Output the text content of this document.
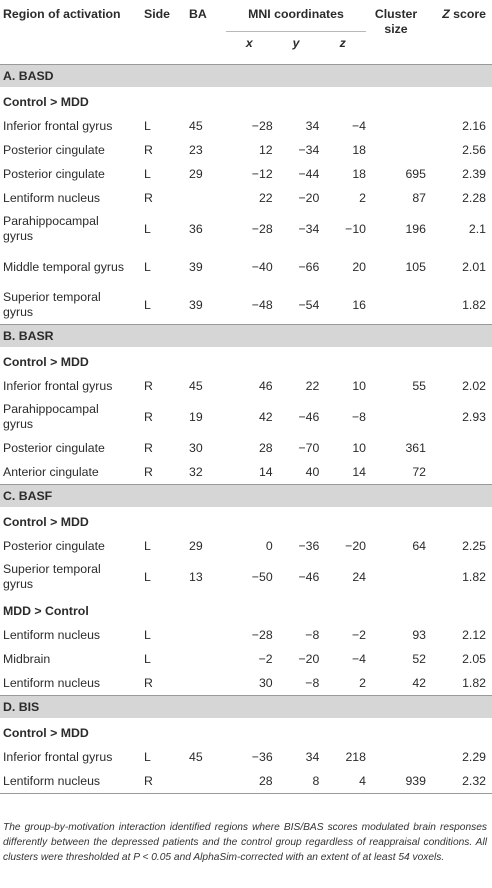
Region of activation	Side	BA	MNI coordinates			Cluster size	Z score
			x	y	z		
A. BASD							
Control > MDD							
Inferior frontal gyrus	L	45	−28	34	−4		2.16
Posterior cingulate	R	23	12	−34	18		2.56
Posterior cingulate	L	29	−12	−44	18	695	2.39
Lentiform nucleus	R		22	−20	2	87	2.28
Parahippocampal gyrus	L	36	−28	−34	−10	196	2.1
Middle temporal gyrus	L	39	−40	−66	20	105	2.01
Superior temporal gyrus	L	39	−48	−54	16		1.82
B. BASR							
Control > MDD							
Inferior frontal gyrus	R	45	46	22	10	55	2.02
Parahippocampal gyrus	R	19	42	−46	−8		2.93
Posterior cingulate	R	30	28	−70	10	361	
Anterior cingulate	R	32	14	40	14	72	
C. BASF							
Control > MDD							
Posterior cingulate	L	29	0	−36	−20	64	2.25
Superior temporal gyrus	L	13	−50	−46	24		1.82
MDD > Control							
Lentiform nucleus	L		−28	−8	−2	93	2.12
Midbrain	L		−2	−20	−4	52	2.05
Lentiform nucleus	R		30	−8	2	42	1.82
D. BIS							
Control > MDD							
Inferior frontal gyrus	L	45	−36	34	218		2.29
Lentiform nucleus	R		28	8	4	939	2.32
The group-by-motivation interaction identified regions where BIS/BAS scores modulated brain responses differently between the depressed patients and the control group regardless of reappraisal conditions. All clusters were thresholded at P < 0.05 and AlphaSim-corrected with an extent of at least 54 voxels.
